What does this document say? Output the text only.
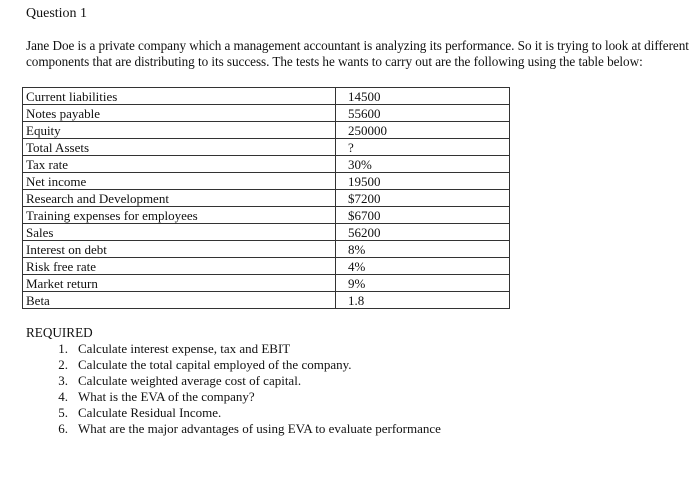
Question 1
Jane Doe is a private company which a management accountant is analyzing its performance. So it is trying to look at different components that are distributing to its success. The tests he wants to carry out are the following using the table below:
Current liabilities	14500
Notes payable	55600
Equity	250000
Total Assets	?
Tax rate	30%
Net income	19500
Research and Development	$7200
Training expenses for employees	$6700
Sales	56200
Interest on debt	8%
Risk free rate	4%
Market return	9%
Beta	1.8
REQUIRED
1. Calculate interest expense, tax and EBIT
2. Calculate the total capital employed of the company.
3. Calculate weighted average cost of capital.
4. What is the EVA of the company?
5. Calculate Residual Income.
6. What are the major advantages of using EVA to evaluate performance
